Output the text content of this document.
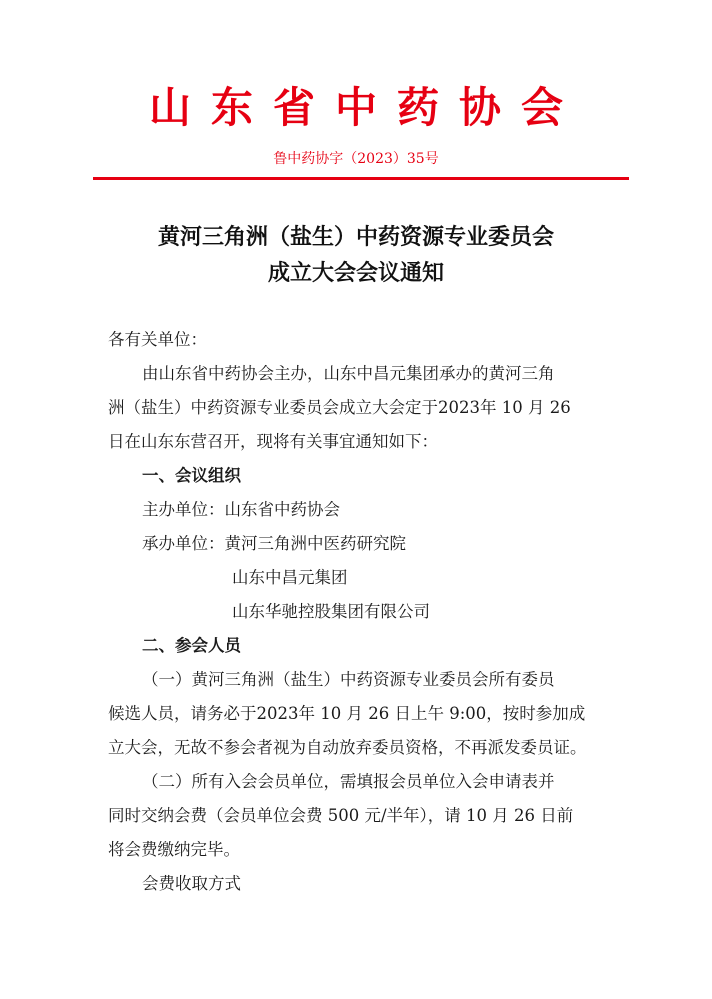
山东省中药协会
鲁中药协字（2023）35号
黄河三角洲（盐生）中药资源专业委员会
成立大会会议通知
各有关单位：
由山东省中药协会主办，山东中昌元集团承办的黄河三角
洲（盐生）中药资源专业委员会成立大会定于2023年 10 月 26
日在山东东营召开，现将有关事宜通知如下：
一、会议组织
主办单位：山东省中药协会
承办单位：黄河三角洲中医药研究院
山东中昌元集团
山东华驰控股集团有限公司
二、参会人员
（一）黄河三角洲（盐生）中药资源专业委员会所有委员
候选人员，请务必于2023年 10 月 26 日上午 9:00，按时参加成
立大会，无故不参会者视为自动放弃委员资格，不再派发委员证。
（二）所有入会会员单位，需填报会员单位入会申请表并
同时交纳会费（会员单位会费 500 元/半年），请 10 月 26 日前
将会费缴纳完毕。
会费收取方式
